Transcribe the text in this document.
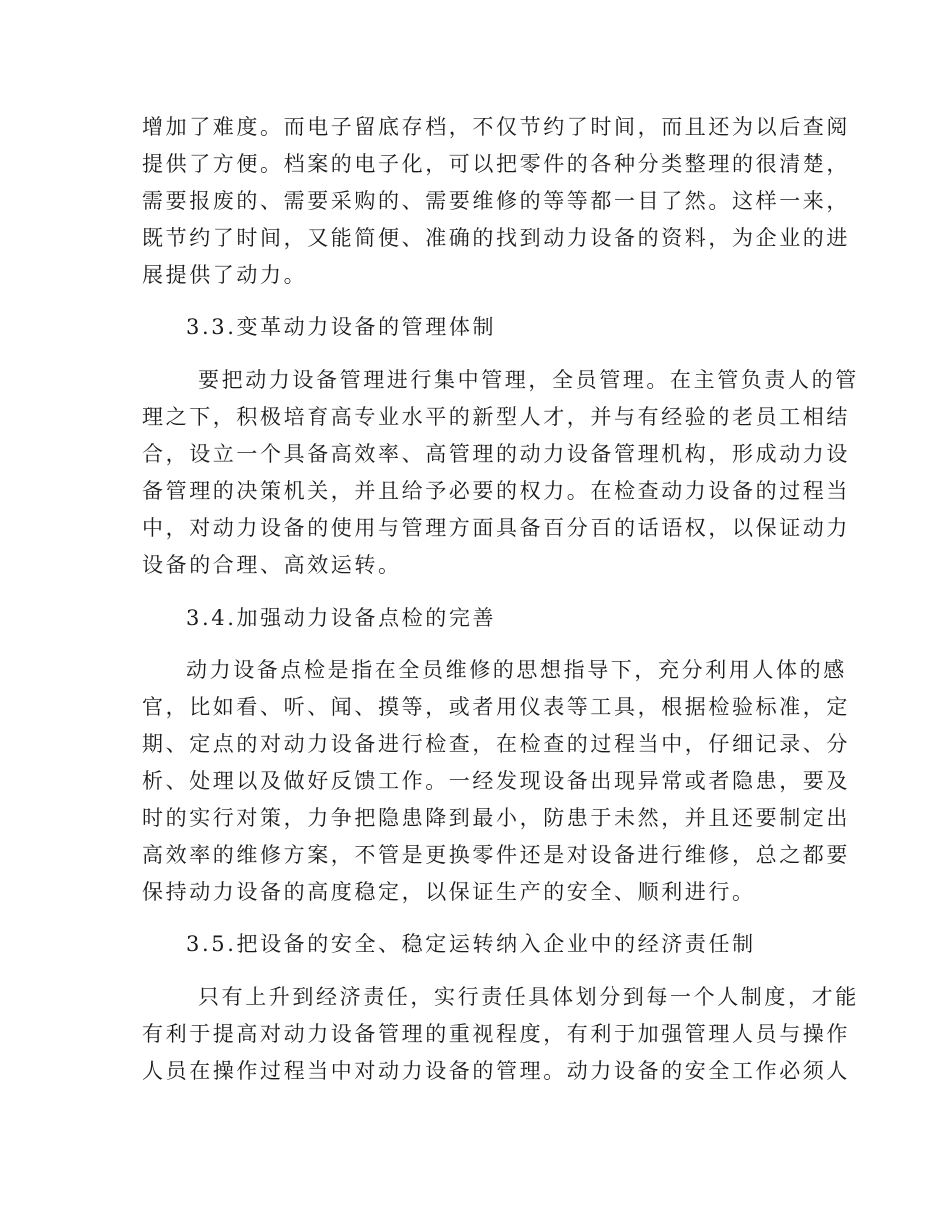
增加了难度。而电子留底存档，不仅节约了时间，而且还为以后查阅

提供了方便。档案的电子化，可以把零件的各种分类整理的很清楚，

需要报废的、需要采购的、需要维修的等等都一目了然。这样一来，

既节约了时间，又能简便、准确的找到动力设备的资料，为企业的进

展提供了动力。

3.3.变革动力设备的管理体制

要把动力设备管理进行集中管理，全员管理。在主管负责人的管

理之下，积极培育高专业水平的新型人才，并与有经验的老员工相结

合，设立一个具备高效率、高管理的动力设备管理机构，形成动力设

备管理的决策机关，并且给予必要的权力。在检查动力设备的过程当

中，对动力设备的使用与管理方面具备百分百的话语权，以保证动力

设备的合理、高效运转。

3.4.加强动力设备点检的完善

动力设备点检是指在全员维修的思想指导下，充分利用人体的感

官，比如看、听、闻、摸等，或者用仪表等工具，根据检验标准，定

期、定点的对动力设备进行检查，在检查的过程当中，仔细记录、分

析、处理以及做好反馈工作。一经发现设备出现异常或者隐患，要及

时的实行对策，力争把隐患降到最小，防患于未然，并且还要制定出

高效率的维修方案，不管是更换零件还是对设备进行维修，总之都要

保持动力设备的高度稳定，以保证生产的安全、顺利进行。

3.5.把设备的安全、稳定运转纳入企业中的经济责任制

只有上升到经济责任，实行责任具体划分到每一个人制度，才能

有利于提高对动力设备管理的重视程度，有利于加强管理人员与操作

人员在操作过程当中对动力设备的管理。动力设备的安全工作必须人
